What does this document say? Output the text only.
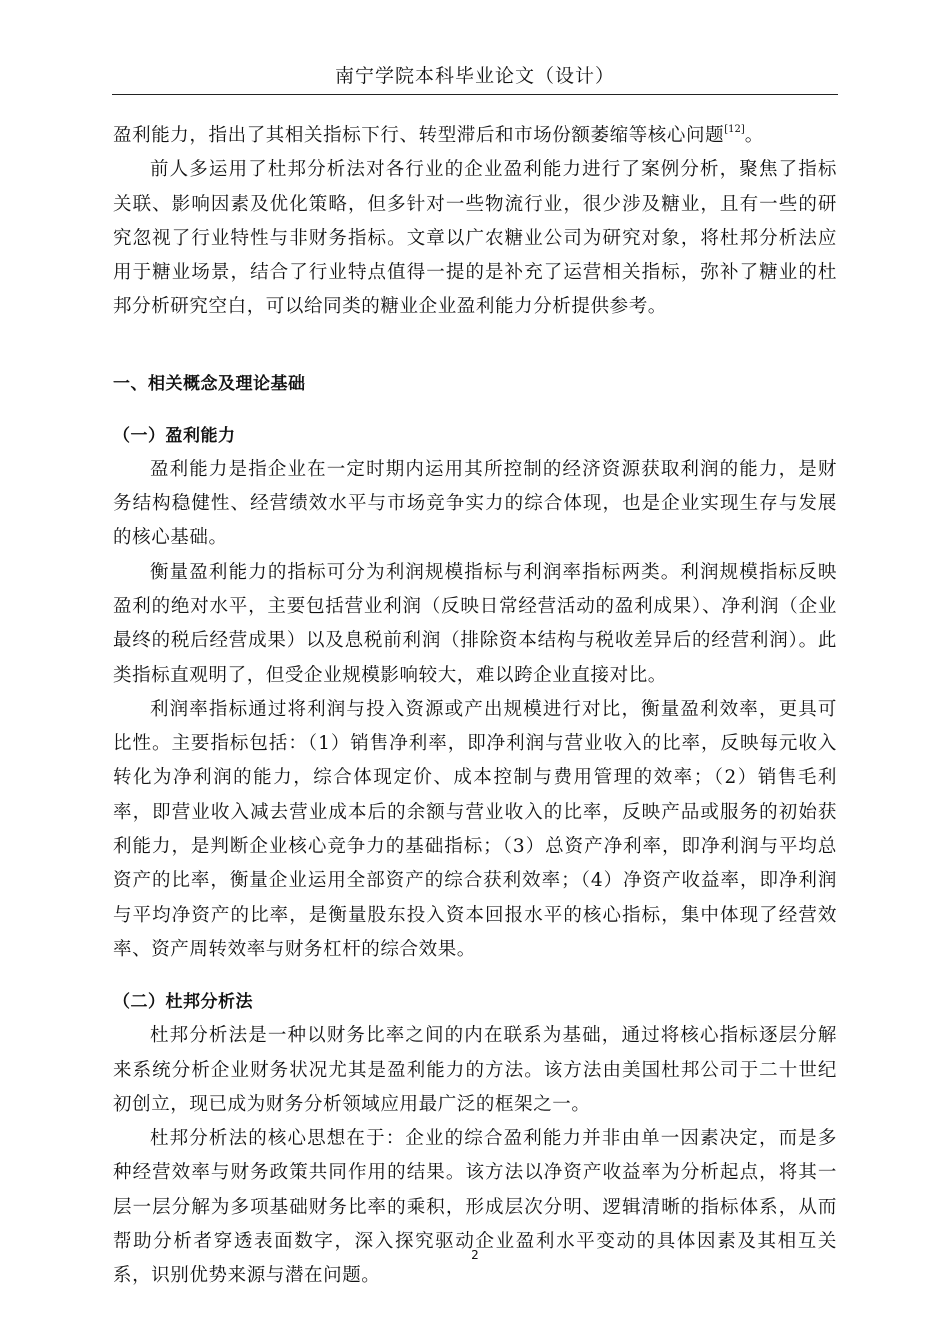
南宁学院本科毕业论文（设计）

盈利能力，指出了其相关指标下行、转型滞后和市场份额萎缩等核心问题[12]。

前人多运用了杜邦分析法对各行业的企业盈利能力进行了案例分析，聚焦了指标关联、影响因素及优化策略，但多针对一些物流行业，很少涉及糖业，且有一些的研究忽视了行业特性与非财务指标。文章以广农糖业公司为研究对象，将杜邦分析法应用于糖业场景，结合了行业特点值得一提的是补充了运营相关指标，弥补了糖业的杜邦分析研究空白，可以给同类的糖业企业盈利能力分析提供参考。

一、相关概念及理论基础

（一）盈利能力

盈利能力是指企业在一定时期内运用其所控制的经济资源获取利润的能力，是财务结构稳健性、经营绩效水平与市场竞争实力的综合体现，也是企业实现生存与发展的核心基础。

衡量盈利能力的指标可分为利润规模指标与利润率指标两类。利润规模指标反映盈利的绝对水平，主要包括营业利润（反映日常经营活动的盈利成果）、净利润（企业最终的税后经营成果）以及息税前利润（排除资本结构与税收差异后的经营利润）。此类指标直观明了，但受企业规模影响较大，难以跨企业直接对比。

利润率指标通过将利润与投入资源或产出规模进行对比，衡量盈利效率，更具可比性。主要指标包括：（1）销售净利率，即净利润与营业收入的比率，反映每元收入转化为净利润的能力，综合体现定价、成本控制与费用管理的效率；（2）销售毛利率，即营业收入减去营业成本后的余额与营业收入的比率，反映产品或服务的初始获利能力，是判断企业核心竞争力的基础指标；（3）总资产净利率，即净利润与平均总资产的比率，衡量企业运用全部资产的综合获利效率；（4）净资产收益率，即净利润与平均净资产的比率，是衡量股东投入资本回报水平的核心指标，集中体现了经营效率、资产周转效率与财务杠杆的综合效果。

（二）杜邦分析法

杜邦分析法是一种以财务比率之间的内在联系为基础，通过将核心指标逐层分解来系统分析企业财务状况尤其是盈利能力的方法。该方法由美国杜邦公司于二十世纪初创立，现已成为财务分析领域应用最广泛的框架之一。

杜邦分析法的核心思想在于：企业的综合盈利能力并非由单一因素决定，而是多种经营效率与财务政策共同作用的结果。该方法以净资产收益率为分析起点，将其一层一层分解为多项基础财务比率的乘积，形成层次分明、逻辑清晰的指标体系，从而帮助分析者穿透表面数字，深入探究驱动企业盈利水平变动的具体因素及其相互关系，识别优势来源与潜在问题。

2
